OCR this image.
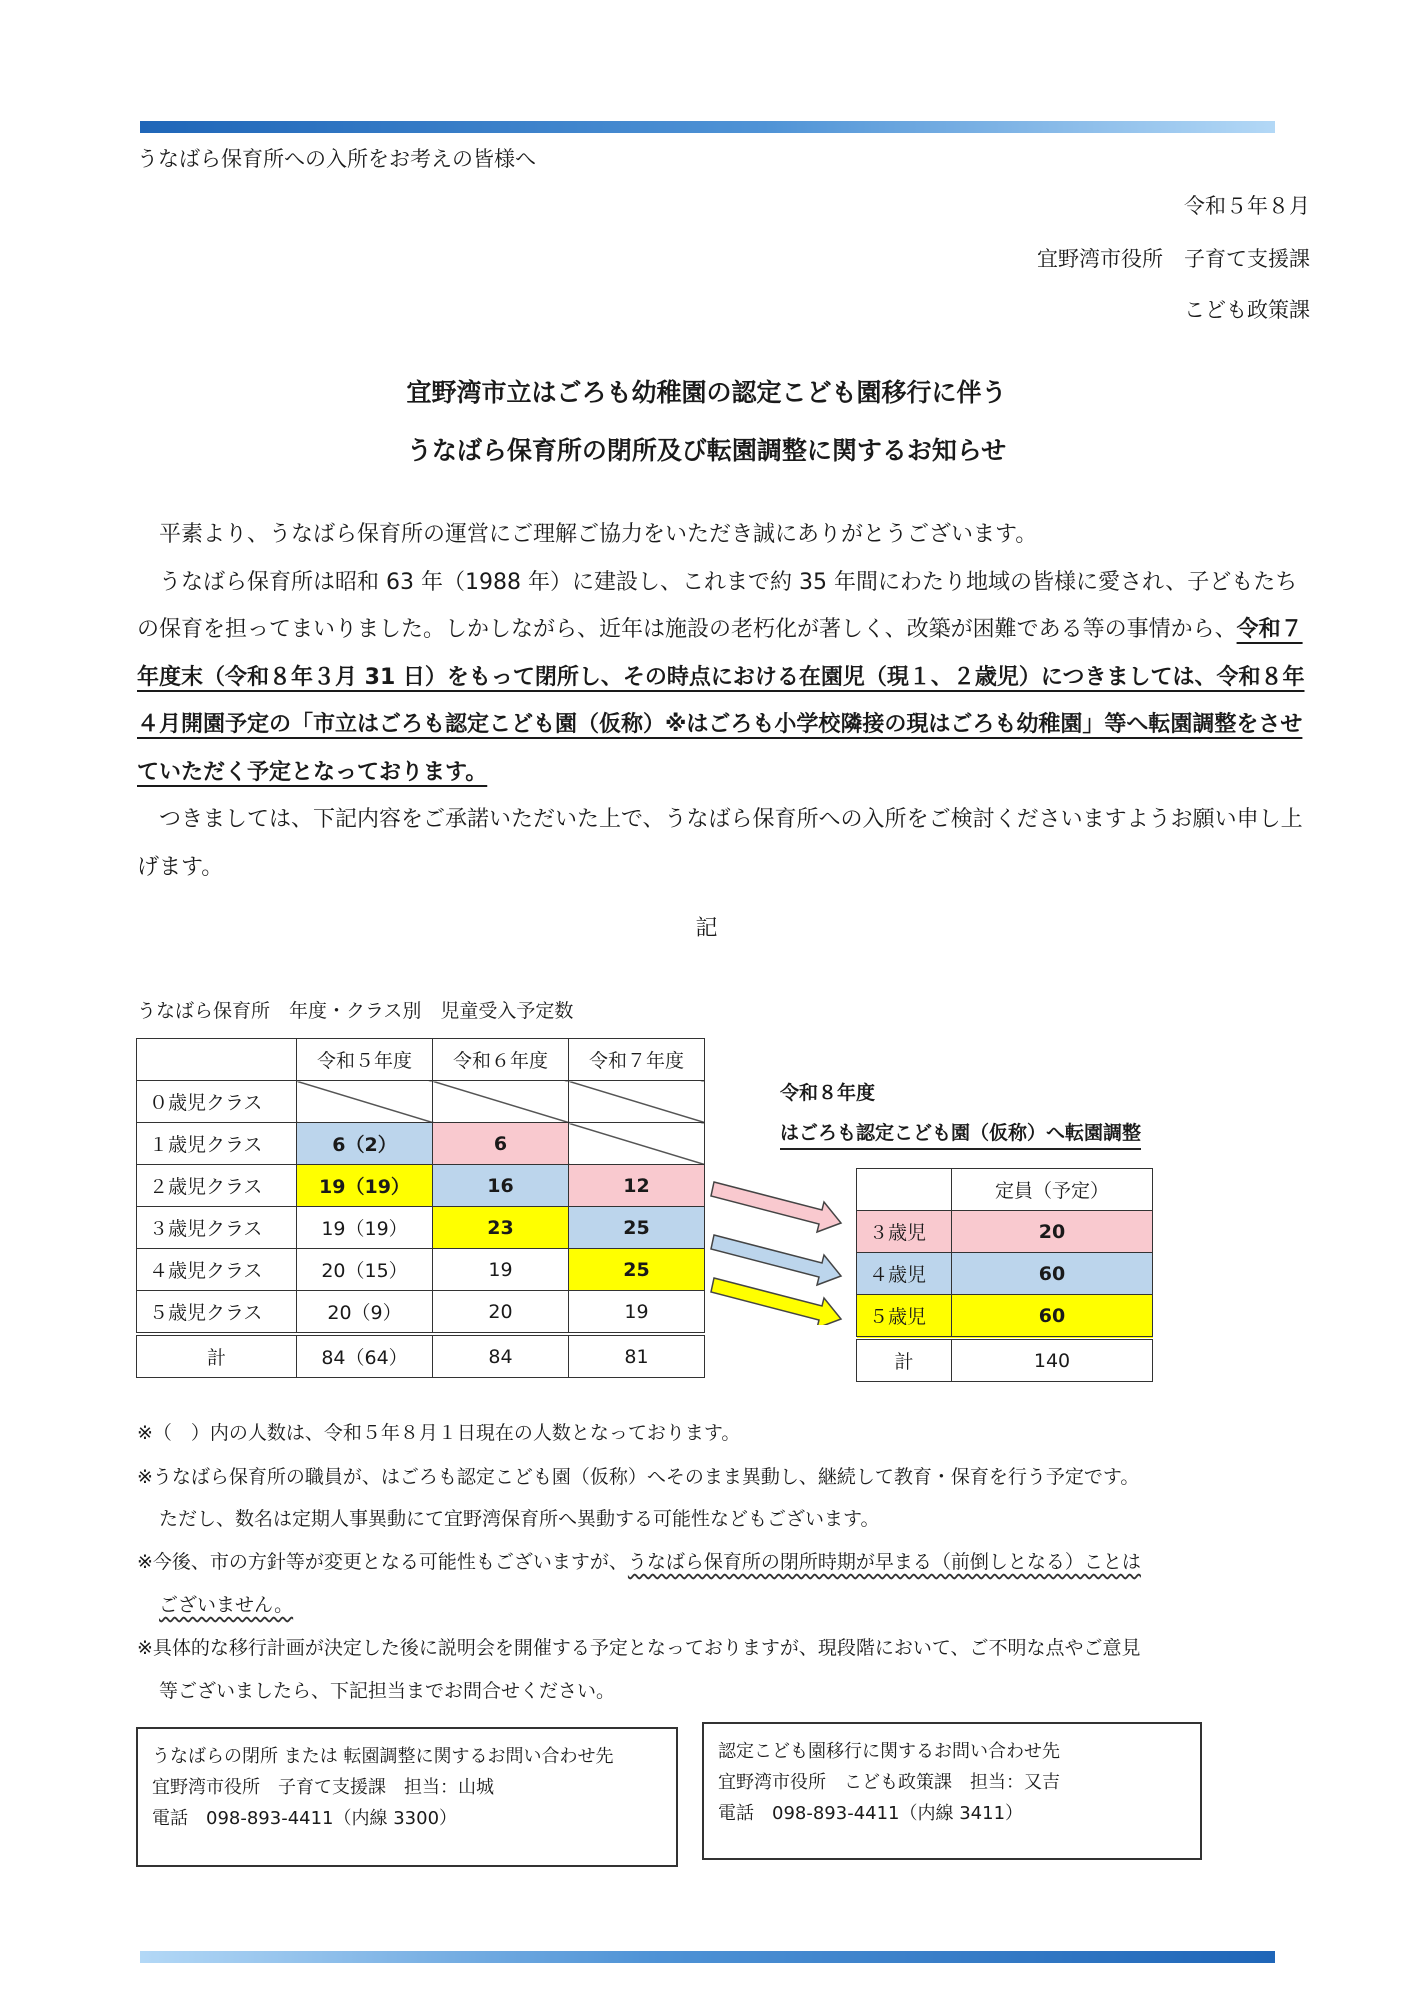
うなばら保育所への入所をお考えの皆様へ
令和５年８月
宜野湾市役所　子育て支援課
こども政策課
宜野湾市立はごろも幼稚園の認定こども園移行に伴う
うなばら保育所の閉所及び転園調整に関するお知らせ

平素より、うなばら保育所の運営にご理解ご協力をいただき誠にありがとうございます。

うなばら保育所は昭和 63 年（1988 年）に建設し、これまで約 35 年間にわたり地域の皆様に愛され、子どもたちの保育を担ってまいりました。しかしながら、近年は施設の老朽化が著しく、改築が困難である等の事情から、令和７年度末（令和８年３月 31 日）をもって閉所し、その時点における在園児（現１、２歳児）につきましては、令和８年４月開園予定の「市立はごろも認定こども園（仮称）※はごろも小学校隣接の現はごろも幼稚園」等へ転園調整をさせていただく予定となっております。

つきましては、下記内容をご承諾いただいた上で、うなばら保育所への入所をご検討くださいますようお願い申し上げます。

記
うなばら保育所　年度・クラス別　児童受入予定数
	令和５年度	令和６年度	令和７年度
０歳児クラス			
１歳児クラス	6（2）	6	
２歳児クラス	19（19）	16	12
３歳児クラス	19（19）	23	25
４歳児クラス	20（15）	19	25
５歳児クラス	20（9）	20	19
計	84（64）	84	81
令和８年度
はごろも認定こども園（仮称）へ転園調整
	定員（予定）
３歳児	20
４歳児	60
５歳児	60
計	140
※（　）内の人数は、令和５年８月１日現在の人数となっております。
※うなばら保育所の職員が、はごろも認定こども園（仮称）へそのまま異動し、継続して教育・保育を行う予定です。
ただし、数名は定期人事異動にて宜野湾保育所へ異動する可能性などもございます。
※今後、市の方針等が変更となる可能性もございますが、うなばら保育所の閉所時期が早まる（前倒しとなる）ことは
ございません。
※具体的な移行計画が決定した後に説明会を開催する予定となっておりますが、現段階において、ご不明な点やご意見
等ございましたら、下記担当までお問合せください。
うなばらの閉所 または 転園調整に関するお問い合わせ先
宜野湾市役所　子育て支援課　担当：山城
電話　098-893-4411（内線 3300）
認定こども園移行に関するお問い合わせ先
宜野湾市役所　こども政策課　担当：又吉
電話　098-893-4411（内線 3411）
